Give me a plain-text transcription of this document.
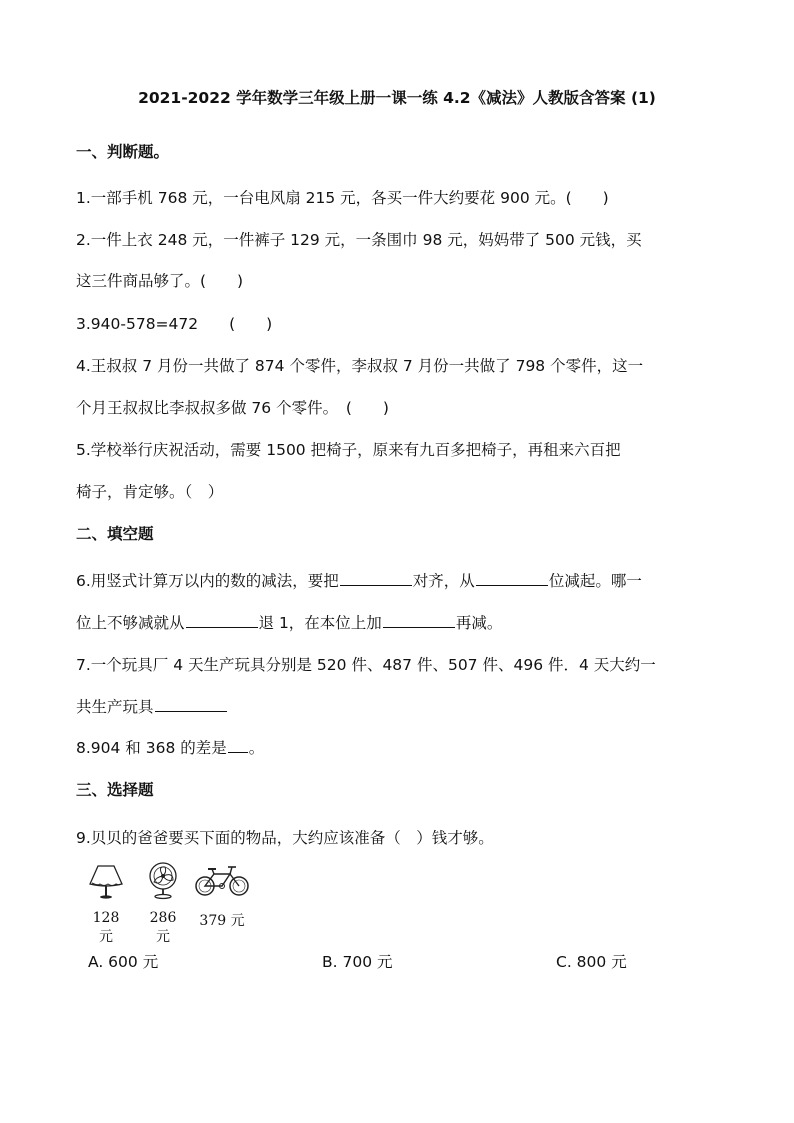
2021-2022 学年数学三年级上册一课一练 4.2《减法》人教版含答案 (1)
一、判断题。
1.一部手机 768 元，一台电风扇 215 元，各买一件大约要花 900 元。(　　)
2.一件上衣 248 元，一件裤子 129 元，一条围巾 98 元，妈妈带了 500 元钱，买
这三件商品够了。(　　)
3.940-578=472　　(　　)
4.王叔叔 7 月份一共做了 874 个零件，李叔叔 7 月份一共做了 798 个零件，这一
个月王叔叔比李叔叔多做 76 个零件。　(　　)
5.学校举行庆祝活动，需要 1500 把椅子，原来有九百多把椅子，再租来六百把
椅子，肯定够。（　）
二、填空题
6.用竖式计算万以内的数的减法，要把	对齐，从	位减起。哪一
位上不够减就从	退 1，在本位上加	再减。
7.一个玩具厂 4 天生产玩具分别是 520 件、487 件、507 件、496 件．4 天大约一
共生产玩具
8.904 和 368 的差是 。
三、选择题
9.贝贝的爸爸要买下面的物品，大约应该准备（　）钱才够。
128 元
286 元
379 元
A. 600 元	B. 700 元	C. 800 元
